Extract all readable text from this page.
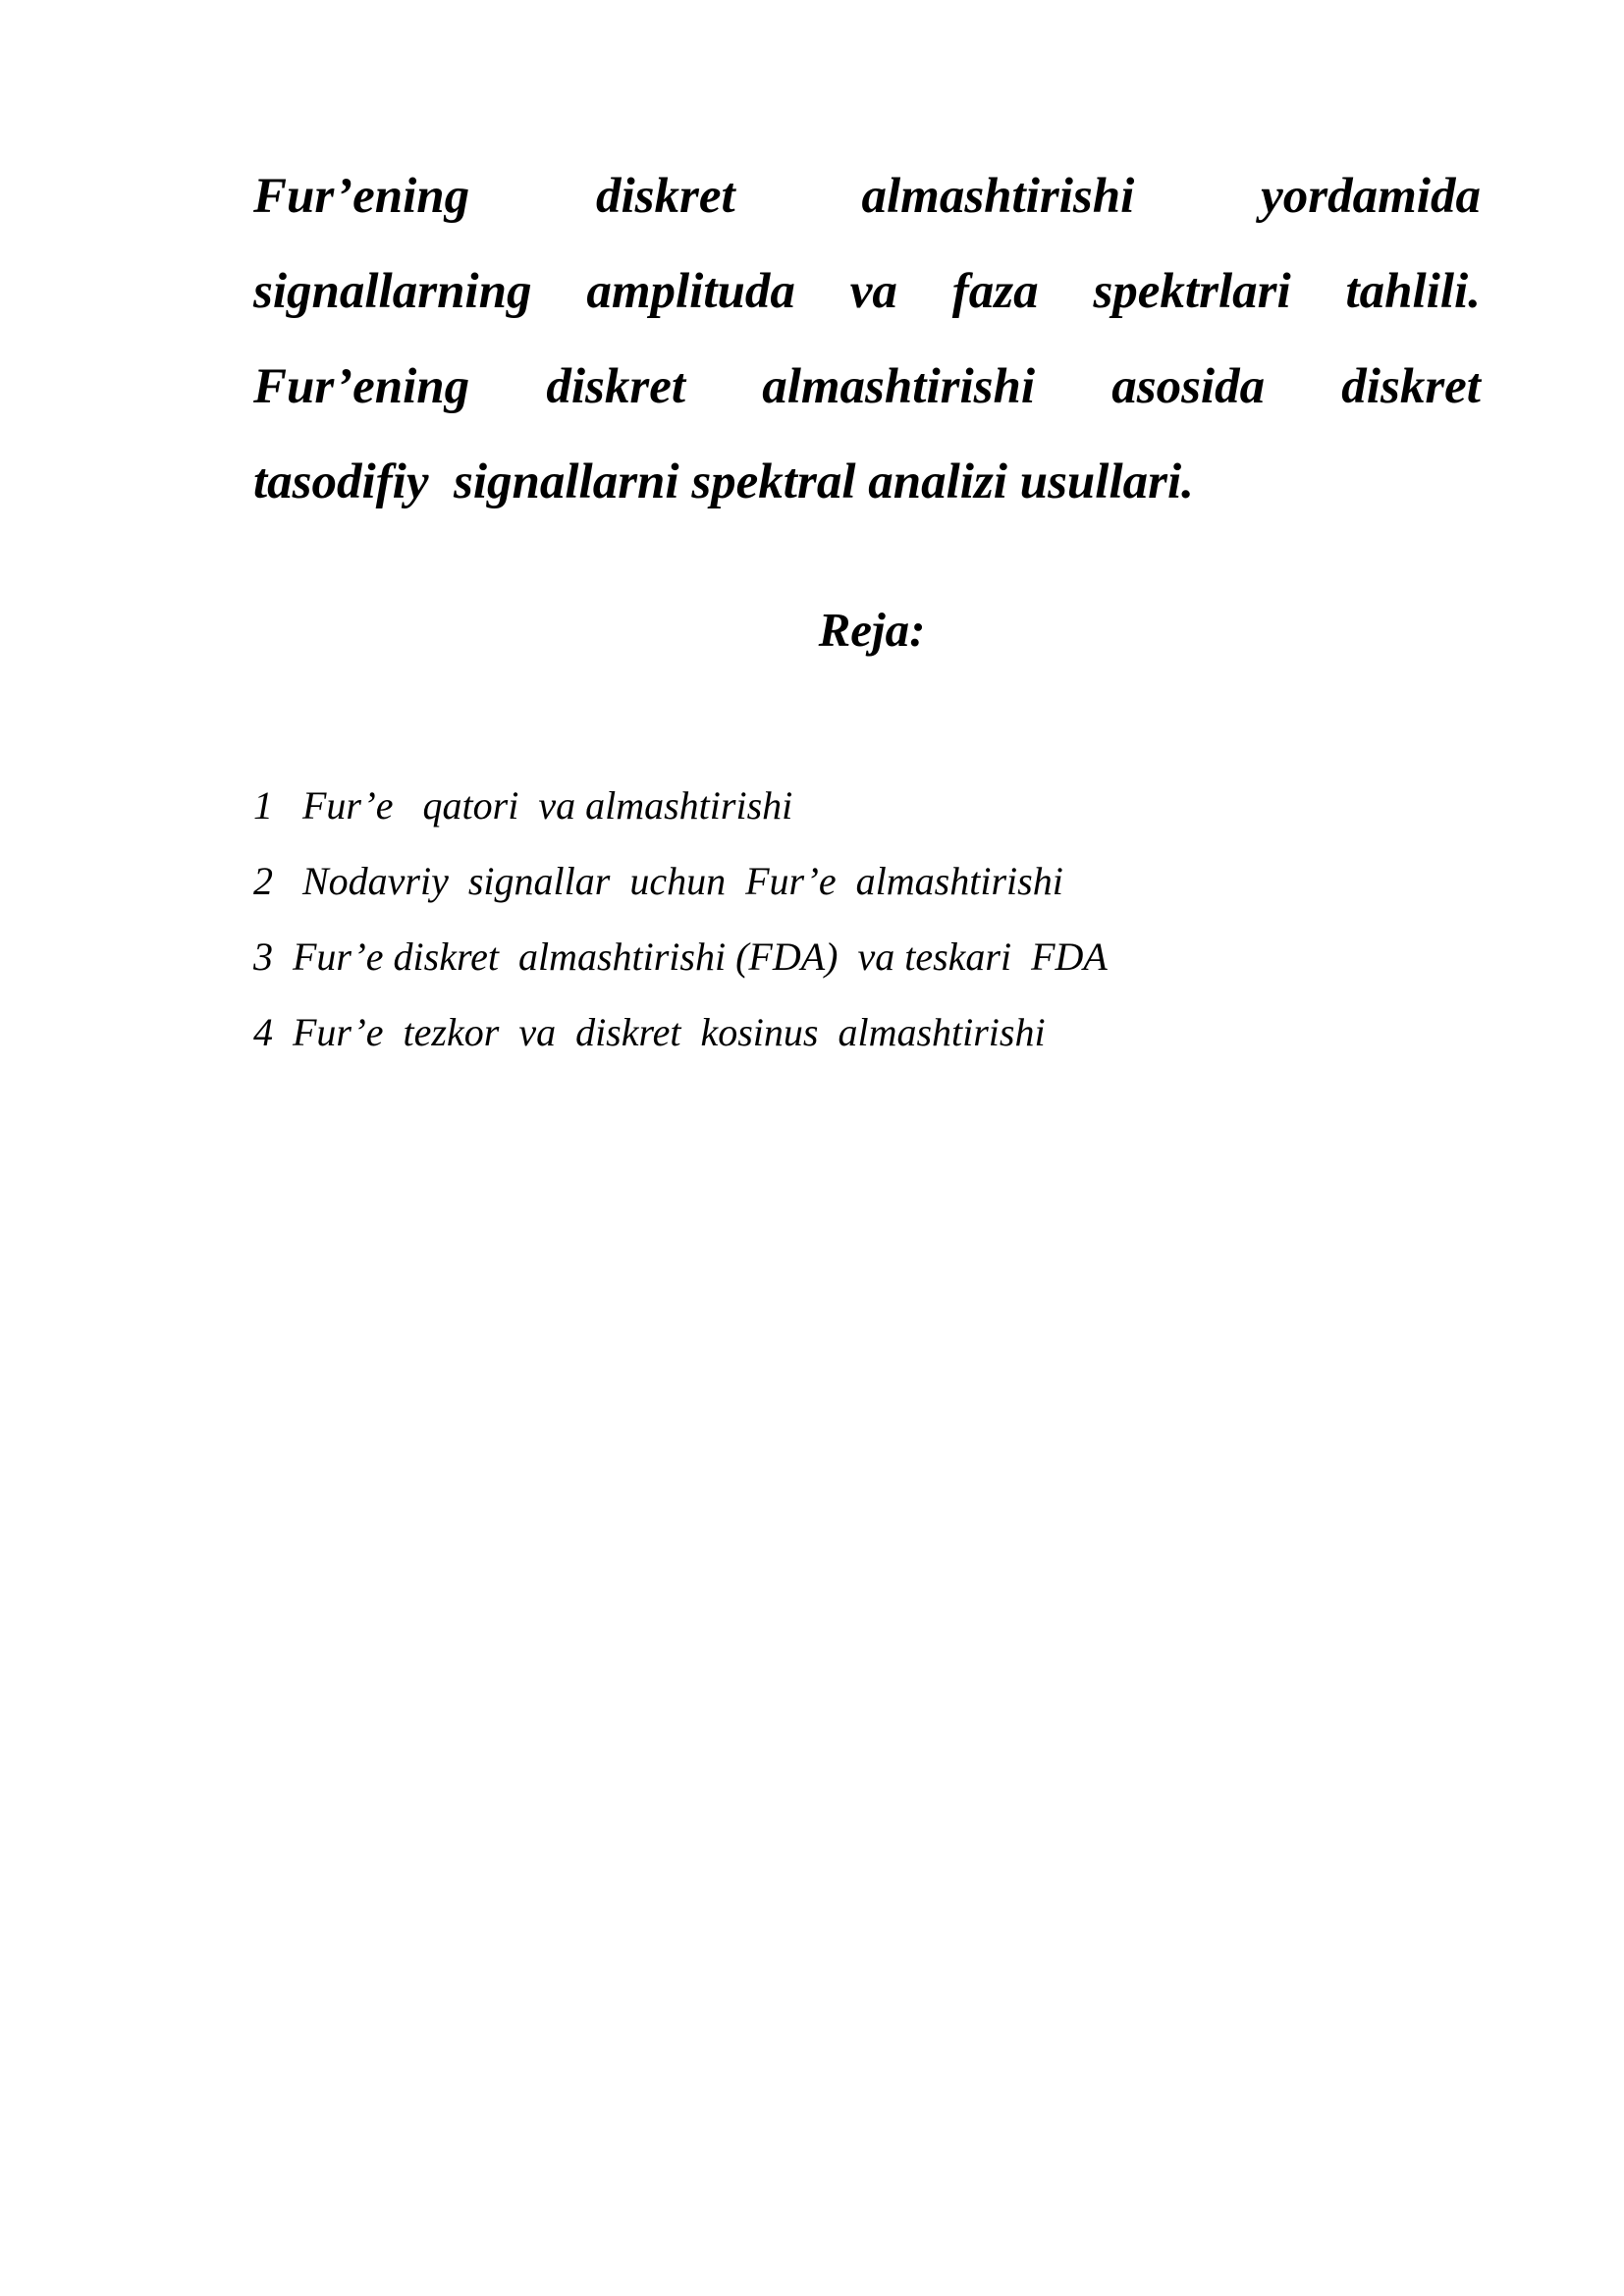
Fur’ening	diskret	almashtirishi	yordamida
signallarning amplituda va faza spektrlari tahlili.
Fur’ening diskret almashtirishi asosida diskret
tasodifiy  signallarni spektral analizi usullari.
Reja:
1   Fur’e   qatori  va almashtirishi
2   Nodavriy  signallar  uchun  Fur’e  almashtirishi
3  Fur’e diskret  almashtirishi (FDA)  va teskari  FDA
4  Fur’e  tezkor  va  diskret  kosinus  almashtirishi
